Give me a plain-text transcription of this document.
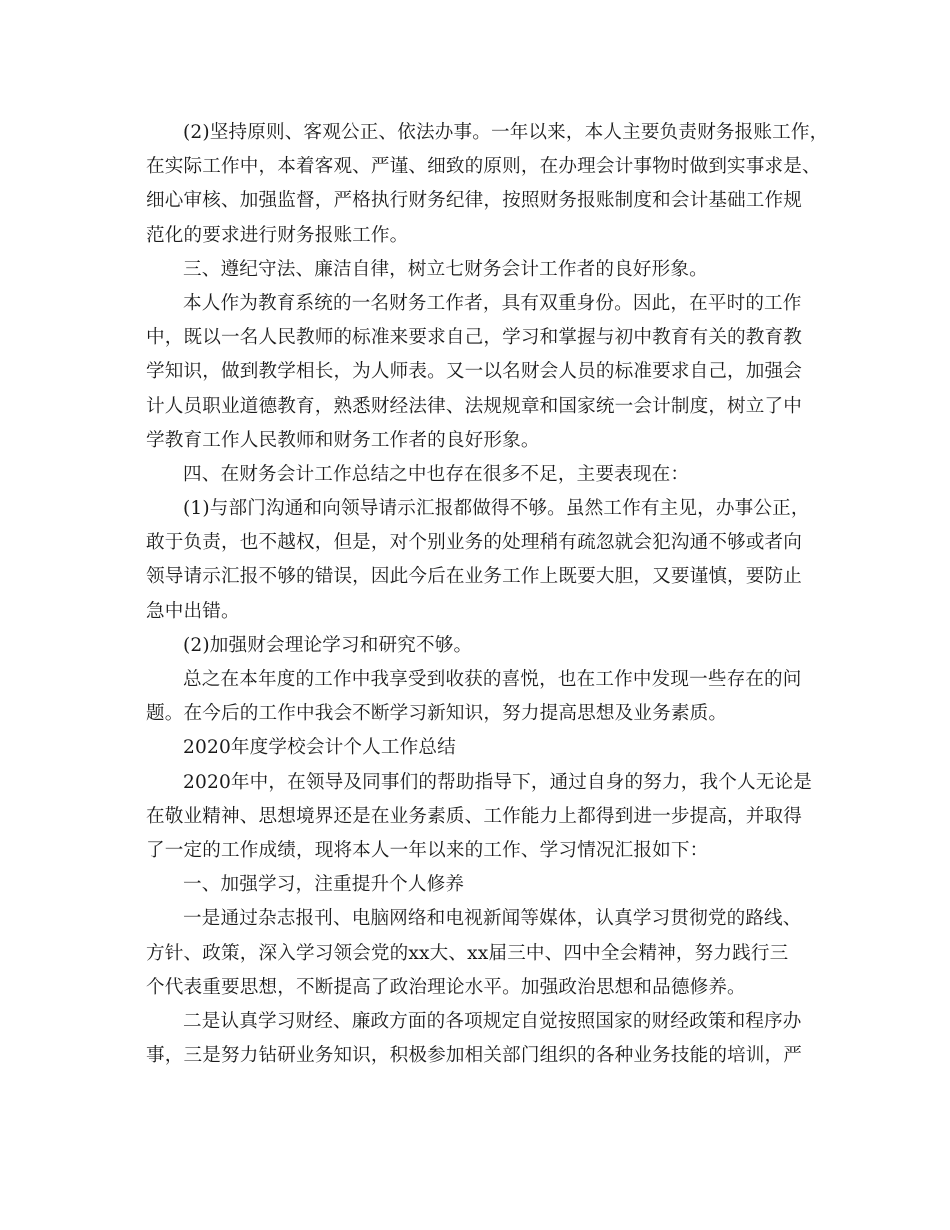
(2)坚持原则、客观公正、依法办事。一年以来，本人主要负责财务报账工作，
在实际工作中，本着客观、严谨、细致的原则，在办理会计事物时做到实事求是、
细心审核、加强监督，严格执行财务纪律，按照财务报账制度和会计基础工作规
范化的要求进行财务报账工作。
三、遵纪守法、廉洁自律，树立七财务会计工作者的良好形象。
本人作为教育系统的一名财务工作者，具有双重身份。因此，在平时的工作
中，既以一名人民教师的标准来要求自己，学习和掌握与初中教育有关的教育教
学知识，做到教学相长，为人师表。又一以名财会人员的标准要求自己，加强会
计人员职业道德教育，熟悉财经法律、法规规章和国家统一会计制度，树立了中
学教育工作人民教师和财务工作者的良好形象。
四、在财务会计工作总结之中也存在很多不足，主要表现在：
(1)与部门沟通和向领导请示汇报都做得不够。虽然工作有主见，办事公正，
敢于负责，也不越权，但是，对个别业务的处理稍有疏忽就会犯沟通不够或者向
领导请示汇报不够的错误，因此今后在业务工作上既要大胆，又要谨慎，要防止
急中出错。
(2)加强财会理论学习和研究不够。
总之在本年度的工作中我享受到收获的喜悦，也在工作中发现一些存在的问
题。在今后的工作中我会不断学习新知识，努力提高思想及业务素质。
2020年度学校会计个人工作总结
2020年中，在领导及同事们的帮助指导下，通过自身的努力，我个人无论是
在敬业精神、思想境界还是在业务素质、工作能力上都得到进一步提高，并取得
了一定的工作成绩，现将本人一年以来的工作、学习情况汇报如下：
一、加强学习，注重提升个人修养
一是通过杂志报刊、电脑网络和电视新闻等媒体，认真学习贯彻党的路线、
方针、政策，深入学习领会党的xx大、xx届三中、四中全会精神，努力践行三
个代表重要思想，不断提高了政治理论水平。加强政治思想和品德修养。
二是认真学习财经、廉政方面的各项规定自觉按照国家的财经政策和程序办
事，三是努力钻研业务知识，积极参加相关部门组织的各种业务技能的培训，严
